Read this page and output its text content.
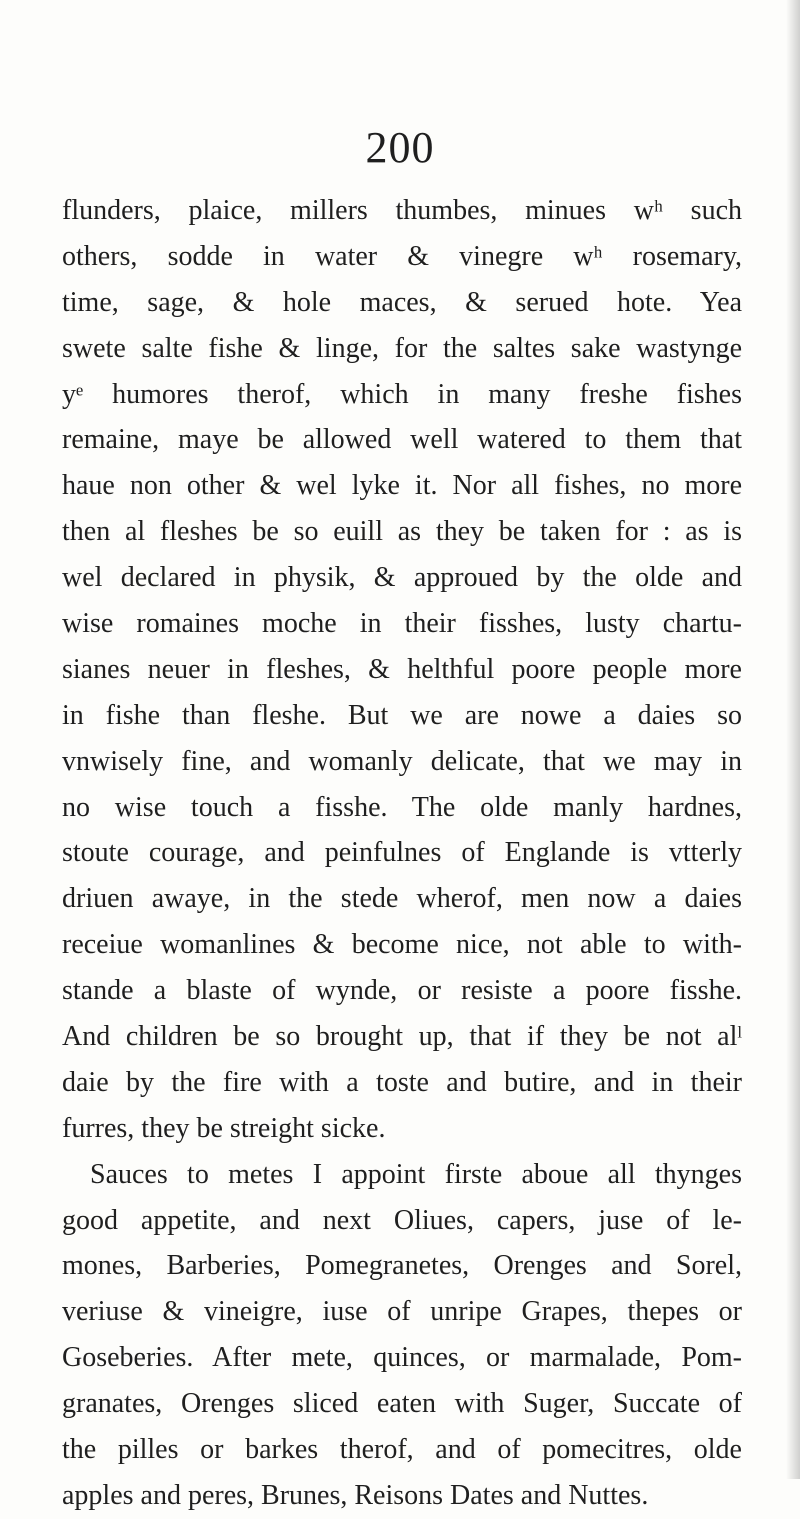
200
flunders, plaice, millers thumbes, minues wʰ such
others, sodde in water & vinegre wʰ rosemary,
time, sage, & hole maces, & serued hote. Yea
swete salte fishe & linge, for the saltes sake wastynge
yᵉ humores therof, which in many freshe fishes
remaine, maye be allowed well watered to them that
haue non other & wel lyke it. Nor all fishes, no more
then al fleshes be so euill as they be taken for : as is
wel declared in physik, & approued by the olde and
wise romaines moche in their fisshes, lusty chartu-
sianes neuer in fleshes, & helthful poore people more
in fishe than fleshe. But we are nowe a daies so
vnwisely fine, and womanly delicate, that we may in
no wise touch a fisshe. The olde manly hardnes,
stoute courage, and peinfulnes of Englande is vtterly
driuen awaye, in the stede wherof, men now a daies
receiue womanlines & become nice, not able to with-
stande a blaste of wynde, or resiste a poore fisshe.
And children be so brought up, that if they be not alˡ
daie by the fire with a toste and butire, and in their
furres, they be streight sicke.
Sauces to metes I appoint firste aboue all thynges
good appetite, and next Oliues, capers, juse of le-
mones, Barberies, Pomegranetes, Orenges and Sorel,
veriuse & vineigre, iuse of unripe Grapes, thepes or
Goseberies. After mete, quinces, or marmalade, Pom-
granates, Orenges sliced eaten with Suger, Succate of
the pilles or barkes therof, and of pomecitres, olde
apples and peres, Brunes, Reisons Dates and Nuttes.
